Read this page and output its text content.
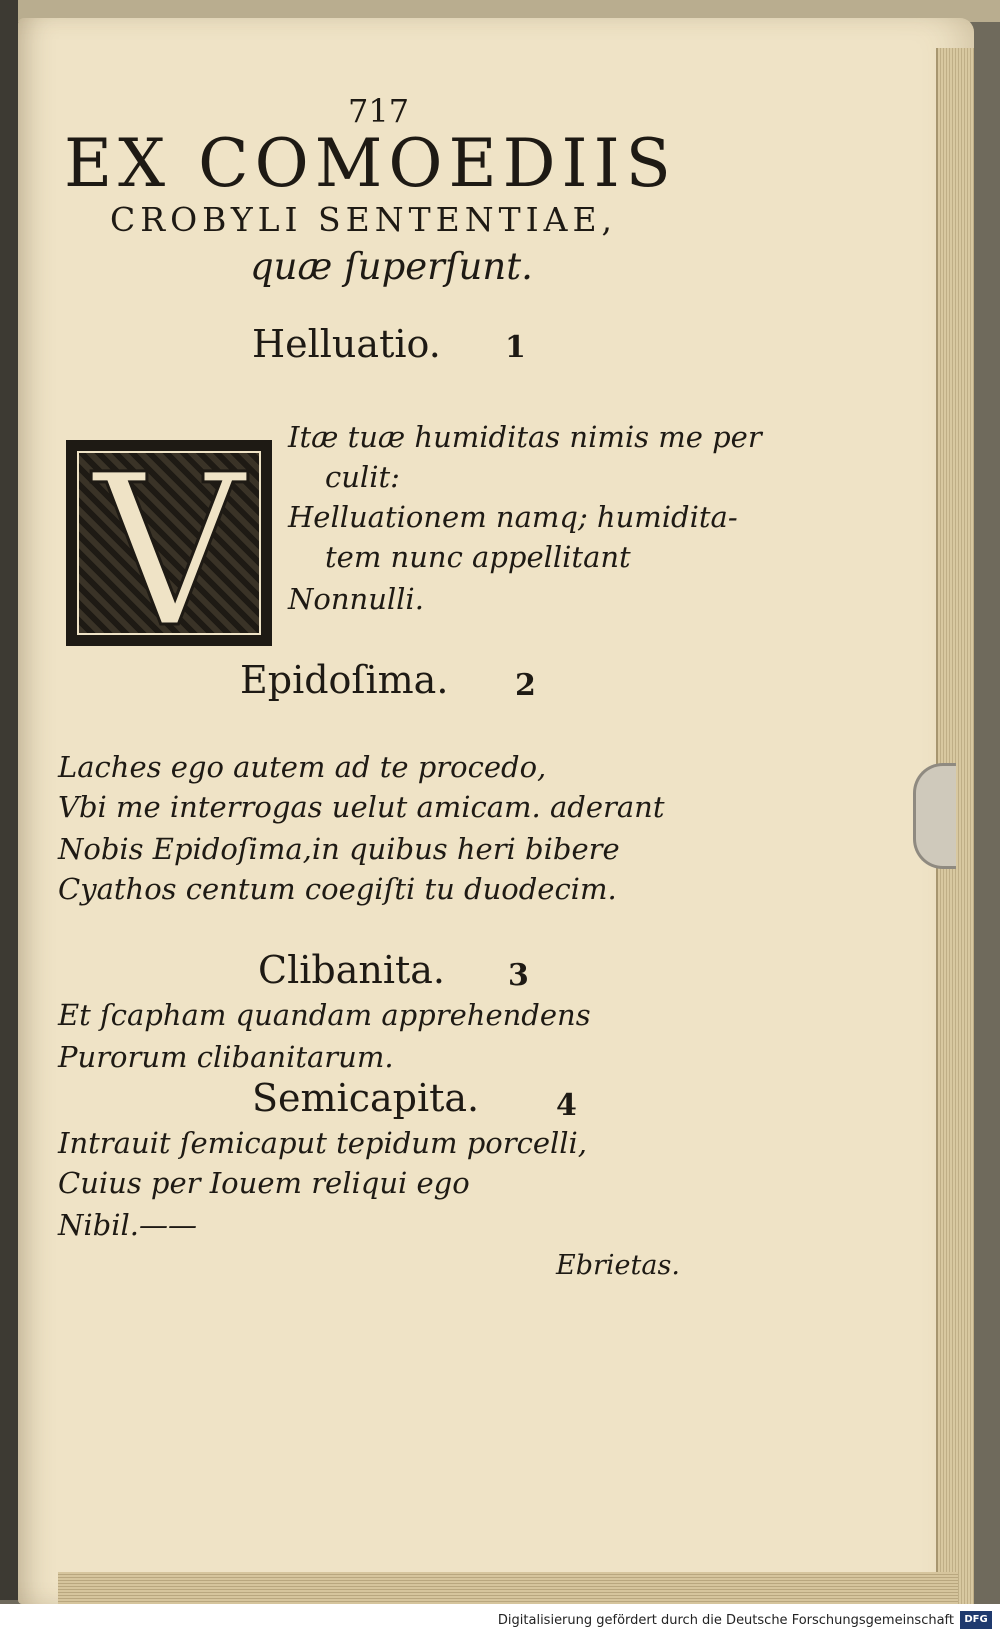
717
EX COMOEDIIS
CROBYLI SENTENTIAE,
quæ ſuperſunt.
Helluatio. 1
V	Itæ tuæ humiditas nimis me per
culit:
Helluationem namq; humidita-
tem nunc appellitant
Nonnulli.
Epidoſima. 2
Laches ego autem ad te procedo,
Vbi me interrogas uelut amicam. aderant
Nobis Epidoſima,in quibus heri bibere
Cyathos centum coegiſti tu duodecim.
Clibanita. 3
Et ſcapham quandam apprehendens
Purorum clibanitarum.
Semicapita.	4
Intrauit ſemicaput tepidum porcelli,
Cuius per Iouem reliqui ego
Nibil.——
Ebrietas.
Digitalisierung gefördert durch die Deutsche Forschungsgemeinschaft	DFG
